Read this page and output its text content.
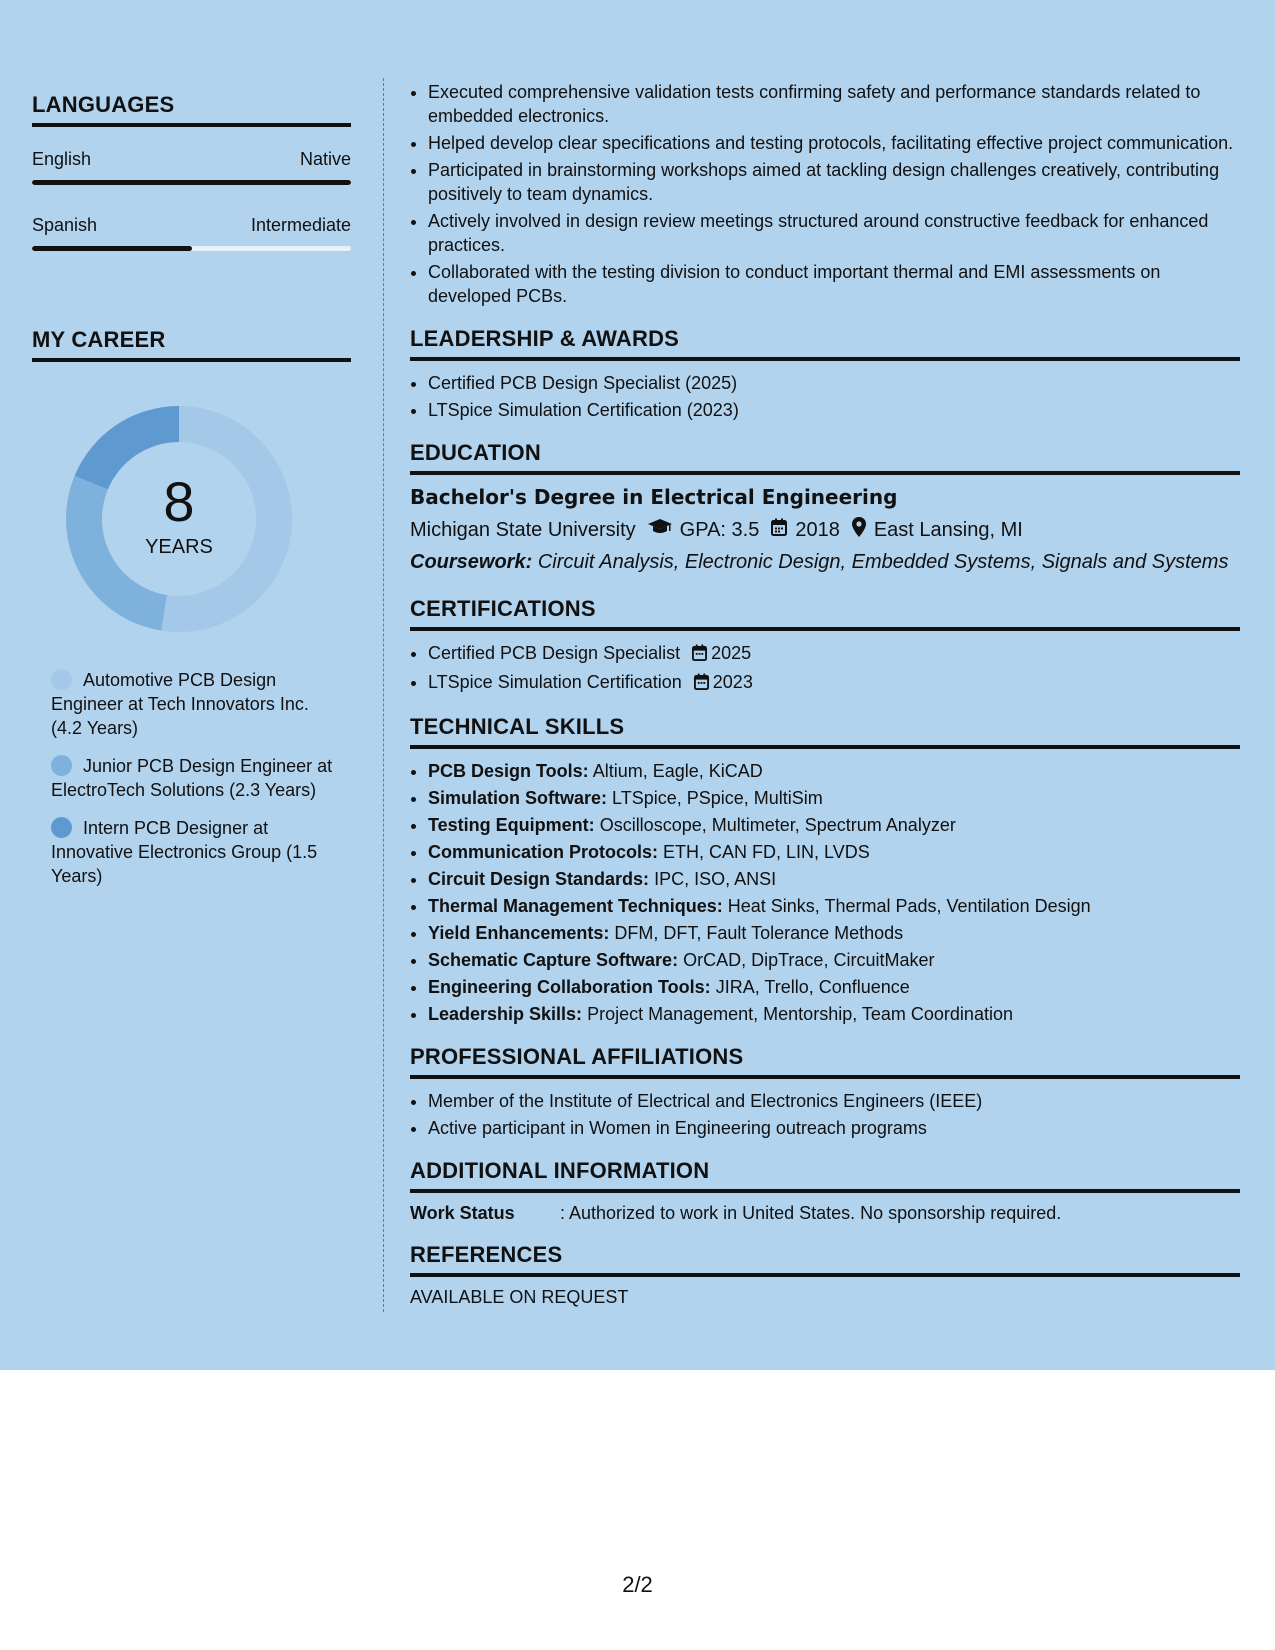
LANGUAGES
English	Native
Spanish	Intermediate
MY CAREER
8
YEARS
Automotive PCB Design Engineer at Tech Innovators Inc. (4.2 Years)
Junior PCB Design Engineer at ElectroTech Solutions (2.3 Years)
Intern PCB Designer at Innovative Electronics Group (1.5 Years)
• Executed comprehensive validation tests confirming safety and performance standards related to embedded electronics.
• Helped develop clear specifications and testing protocols, facilitating effective project communication.
• Participated in brainstorming workshops aimed at tackling design challenges creatively, contributing positively to team dynamics.
• Actively involved in design review meetings structured around constructive feedback for enhanced practices.
• Collaborated with the testing division to conduct important thermal and EMI assessments on developed PCBs.
LEADERSHIP & AWARDS
• Certified PCB Design Specialist (2025)
• LTSpice Simulation Certification (2023)
EDUCATION
Bachelor's Degree in Electrical Engineering
Michigan State University GPA: 3.5 2018 East Lansing, MI
Coursework: Circuit Analysis, Electronic Design, Embedded Systems, Signals and Systems
CERTIFICATIONS
• Certified PCB Design Specialist 2025
• LTSpice Simulation Certification 2023
TECHNICAL SKILLS
• PCB Design Tools: Altium, Eagle, KiCAD
• Simulation Software: LTSpice, PSpice, MultiSim
• Testing Equipment: Oscilloscope, Multimeter, Spectrum Analyzer
• Communication Protocols: ETH, CAN FD, LIN, LVDS
• Circuit Design Standards: IPC, ISO, ANSI
• Thermal Management Techniques: Heat Sinks, Thermal Pads, Ventilation Design
• Yield Enhancements: DFM, DFT, Fault Tolerance Methods
• Schematic Capture Software: OrCAD, DipTrace, CircuitMaker
• Engineering Collaboration Tools: JIRA, Trello, Confluence
• Leadership Skills: Project Management, Mentorship, Team Coordination
PROFESSIONAL AFFILIATIONS
• Member of the Institute of Electrical and Electronics Engineers (IEEE)
• Active participant in Women in Engineering outreach programs
ADDITIONAL INFORMATION
Work Status	: Authorized to work in United States. No sponsorship required.
REFERENCES
AVAILABLE ON REQUEST
2/2
